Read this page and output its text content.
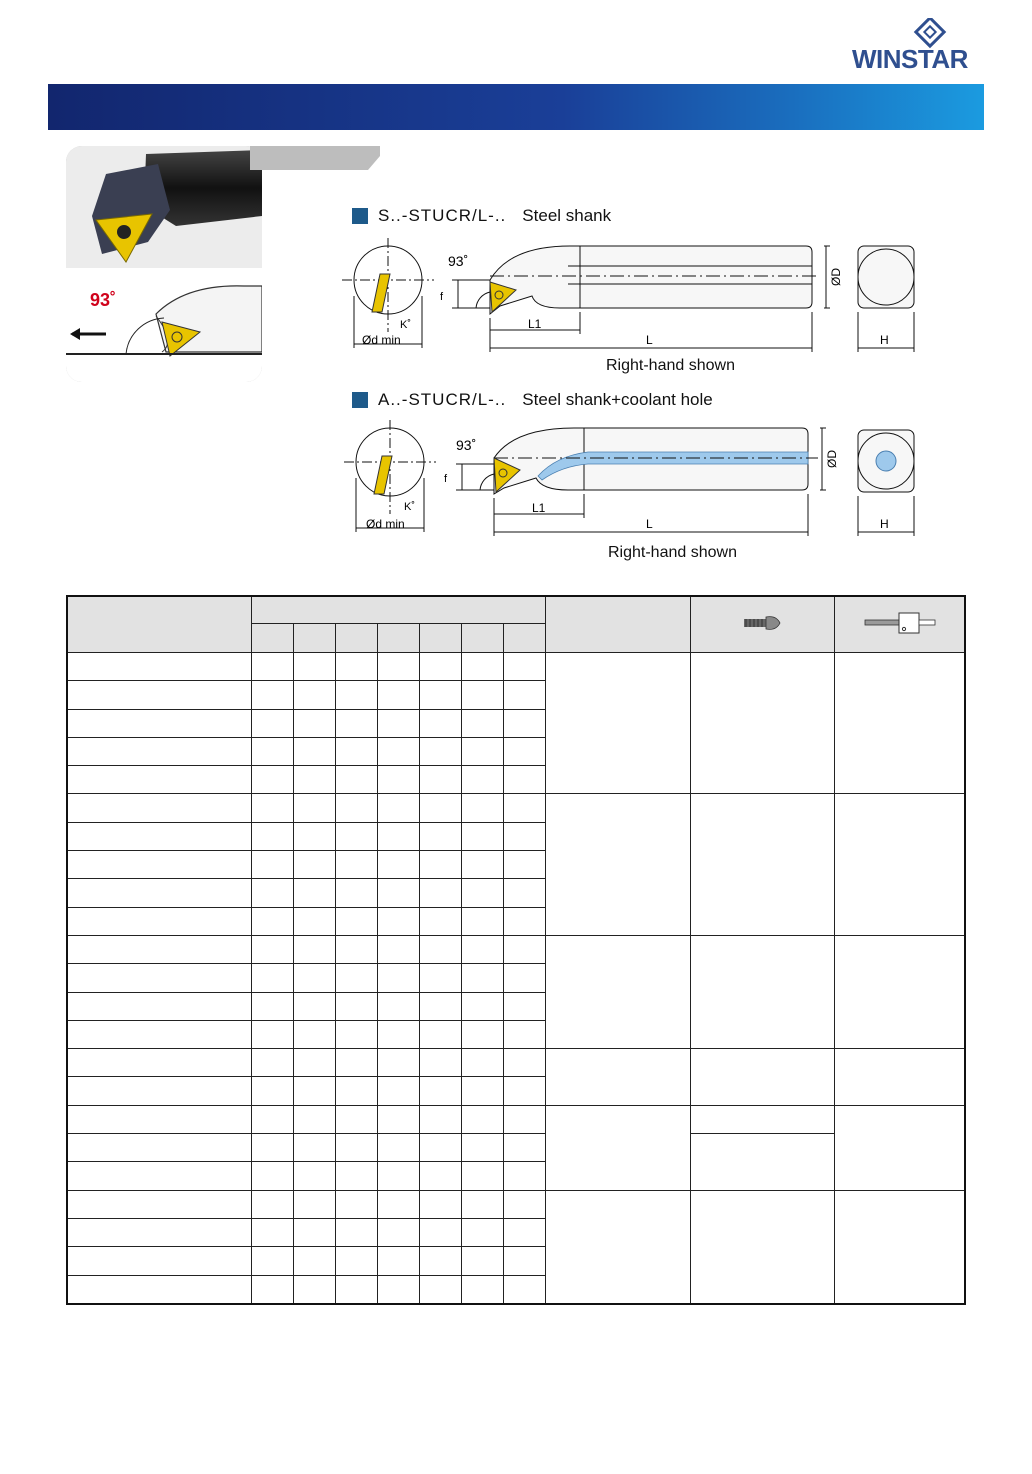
WINSTAR
93˚
S..-STUCR/L-.. Steel shank
93˚
f
K˚
Ød min
L1
L
ØD
H
Right-hand shown
A..-STUCR/L-.. Steel shank+coolant hole
93˚
f
K˚
Ød min
L1
L
ØD
H
Right-hand shown
